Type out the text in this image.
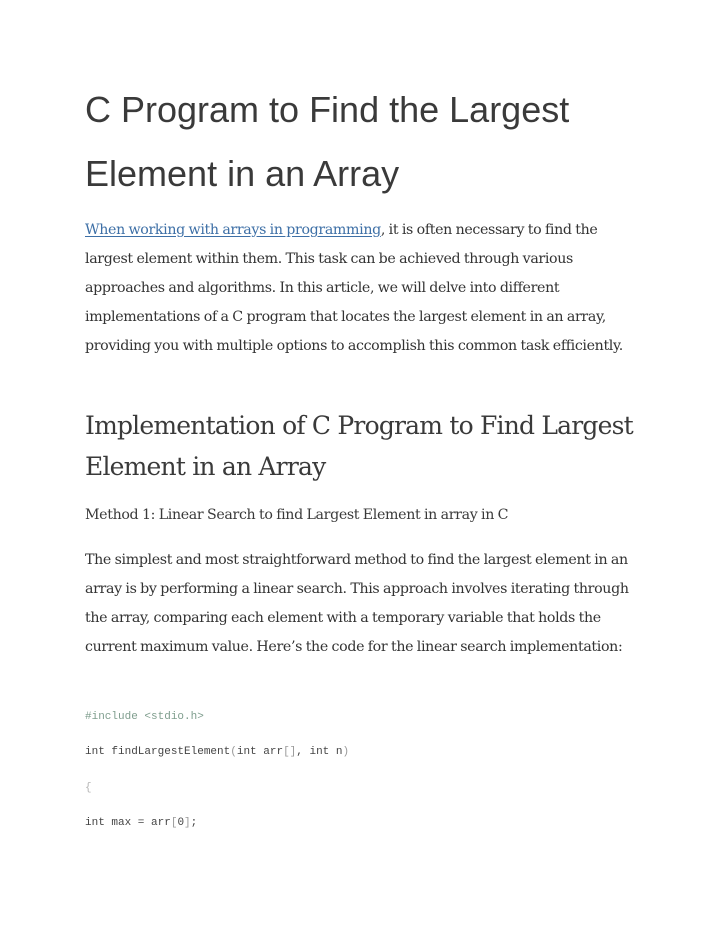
C Program to Find the Largest Element in an Array

When working with arrays in programming, it is often necessary to find the largest element within them. This task can be achieved through various approaches and algorithms. In this article, we will delve into different implementations of a C program that locates the largest element in an array, providing you with multiple options to accomplish this common task efficiently.

Implementation of C Program to Find Largest Element in an Array
Method 1: Linear Search to find Largest Element in array in C

The simplest and most straightforward method to find the largest element in an array is by performing a linear search. This approach involves iterating through the array, comparing each element with a temporary variable that holds the current maximum value. Here’s the code for the linear search implementation:

#include <stdio.h>
int findLargestElement(int arr[], int n)
{
int max = arr[0];
